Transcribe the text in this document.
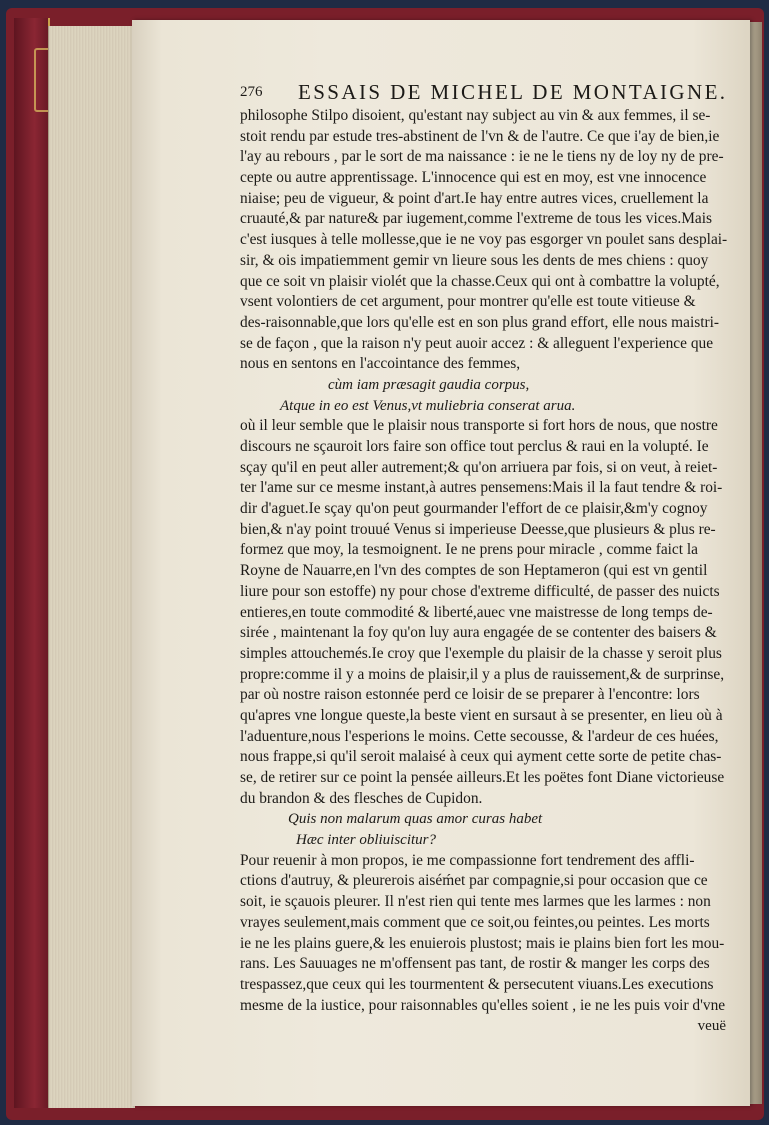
276 ESSAIS DE MICHEL DE MONTAIGNE.
philosophe Stilpo disoient, qu'estant nay subject au vin & aux femmes, il se-
stoit rendu par estude tres-abstinent de l'vn & de l'autre. Ce que i'ay de bien,ie
l'ay au rebours , par le sort de ma naissance : ie ne le tiens ny de loy ny de pre-
cepte ou autre apprentissage. L'innocence qui est en moy, est vne innocence
niaise; peu de vigueur, & point d'art.Ie hay entre autres vices, cruellement la
cruauté,& par nature& par iugement,comme l'extreme de tous les vices.Mais
c'est iusques à telle mollesse,que ie ne voy pas esgorger vn poulet sans desplai-
sir, & ois impatiemment gemir vn lieure sous les dents de mes chiens : quoy
que ce soit vn plaisir violét que la chasse.Ceux qui ont à combattre la volupté,
vsent volontiers de cet argument, pour montrer qu'elle est toute vitieuse &
des-raisonnable,que lors qu'elle est en son plus grand effort, elle nous maistri-
se de façon , que la raison n'y peut auoir accez : & alleguent l'experience que
nous en sentons en l'accointance des femmes,
cùm iam præsagit gaudia corpus,
Atque in eo est Venus,vt muliebria conserat arua.
où il leur semble que le plaisir nous transporte si fort hors de nous, que nostre
discours ne sçauroit lors faire son office tout perclus & raui en la volupté. Ie
sçay qu'il en peut aller autrement;& qu'on arriuera par fois, si on veut, à reiet-
ter l'ame sur ce mesme instant,à autres pensemens:Mais il la faut tendre & roi-
dir d'aguet.Ie sçay qu'on peut gourmander l'effort de ce plaisir,&m'y cognoy
bien,& n'ay point trouué Venus si imperieuse Deesse,que plusieurs & plus re-
formez que moy, la tesmoignent. Ie ne prens pour miracle , comme faict la
Royne de Nauarre,en l'vn des comptes de son Heptameron (qui est vn gentil
liure pour son estoffe) ny pour chose d'extreme difficulté, de passer des nuicts
entieres,en toute commodité & liberté,auec vne maistresse de long temps de-
sirée , maintenant la foy qu'on luy aura engagée de se contenter des baisers &
simples attouchemés.Ie croy que l'exemple du plaisir de la chasse y seroit plus
propre:comme il y a moins de plaisir,il y a plus de rauissement,& de surprinse,
par où nostre raison estonnée perd ce loisir de se preparer à l'encontre: lors
qu'apres vne longue queste,la beste vient en sursaut à se presenter, en lieu où à
l'aduenture,nous l'esperions le moins. Cette secousse, & l'ardeur de ces huées,
nous frappe,si qu'il seroit malaisé à ceux qui ayment cette sorte de petite chas-
se, de retirer sur ce point la pensée ailleurs.Et les poëtes font Diane victorieuse
du brandon & des flesches de Cupidon.
Quis non malarum quas amor curas habet
Hæc inter obliuiscitur?
Pour reuenir à mon propos, ie me compassionne fort tendrement des affli-
ctions d'autruy, & pleurerois aiséḿet par compagnie,si pour occasion que ce
soit, ie sçauois pleurer. Il n'est rien qui tente mes larmes que les larmes : non
vrayes seulement,mais comment que ce soit,ou feintes,ou peintes. Les morts
ie ne les plains guere,& les enuierois plustost; mais ie plains bien fort les mou-
rans. Les Sauuages ne m'offensent pas tant, de rostir & manger les corps des
trespassez,que ceux qui les tourmentent & persecutent viuans.Les executions
mesme de la iustice, pour raisonnables qu'elles soient , ie ne les puis voir d'vne
veuë
